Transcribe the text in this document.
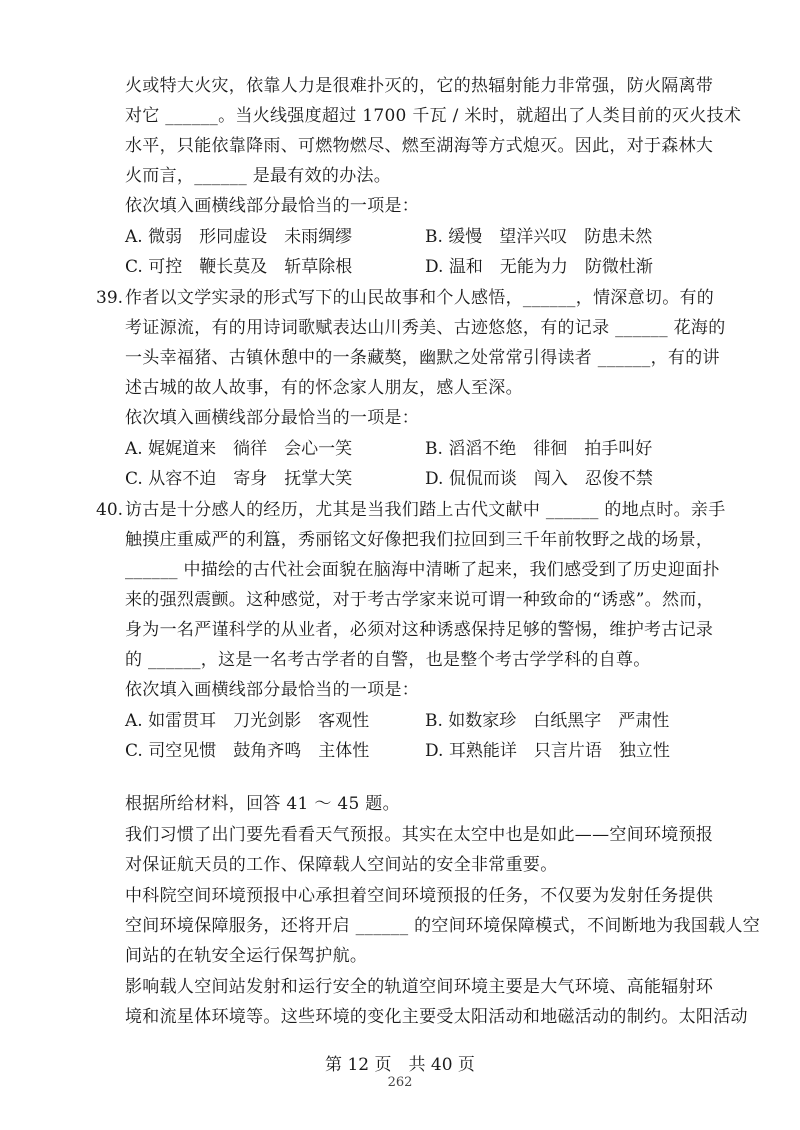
火或特大火灾，依靠人力是很难扑灭的，它的热辐射能力非常强，防火隔离带
对它 ______。当火线强度超过 1700 千瓦 / 米时，就超出了人类目前的灭火技术
水平，只能依靠降雨、可燃物燃尽、燃至湖海等方式熄灭。因此，对于森林大
火而言，______ 是最有效的办法。
依次填入画横线部分最恰当的一项是：
A. 微弱　形同虚设　未雨绸缪	B. 缓慢　望洋兴叹　防患未然
C. 可控　鞭长莫及　斩草除根	D. 温和　无能为力　防微杜渐
39. 作者以文学实录的形式写下的山民故事和个人感悟，______，情深意切。有的
考证源流，有的用诗词歌赋表达山川秀美、古迹悠悠，有的记录 ______ 花海的
一头幸福猪、古镇休憩中的一条藏獒，幽默之处常常引得读者 ______，有的讲
述古城的故人故事，有的怀念家人朋友，感人至深。
依次填入画横线部分最恰当的一项是：
A. 娓娓道来　徜徉　会心一笑	B. 滔滔不绝　徘徊　拍手叫好
C. 从容不迫　寄身　抚掌大笑	D. 侃侃而谈　闯入　忍俊不禁
40. 访古是十分感人的经历，尤其是当我们踏上古代文献中 ______ 的地点时。亲手
触摸庄重威严的利簋，秀丽铭文好像把我们拉回到三千年前牧野之战的场景，
______ 中描绘的古代社会面貌在脑海中清晰了起来，我们感受到了历史迎面扑
来的强烈震颤。这种感觉，对于考古学家来说可谓一种致命的“诱惑”。然而，
身为一名严谨科学的从业者，必须对这种诱惑保持足够的警惕，维护考古记录
的 ______，这是一名考古学者的自警，也是整个考古学学科的自尊。
依次填入画横线部分最恰当的一项是：
A. 如雷贯耳　刀光剑影　客观性	B. 如数家珍　白纸黑字　严肃性
C. 司空见惯　鼓角齐鸣　主体性	D. 耳熟能详　只言片语　独立性
根据所给材料，回答 41 ～ 45 题。
我们习惯了出门要先看看天气预报。其实在太空中也是如此——空间环境预报
对保证航天员的工作、保障载人空间站的安全非常重要。
中科院空间环境预报中心承担着空间环境预报的任务，不仅要为发射任务提供
空间环境保障服务，还将开启 ______ 的空间环境保障模式，不间断地为我国载人空
间站的在轨安全运行保驾护航。
影响载人空间站发射和运行安全的轨道空间环境主要是大气环境、高能辐射环
境和流星体环境等。这些环境的变化主要受太阳活动和地磁活动的制约。太阳活动
第 12 页　共 40 页
262
